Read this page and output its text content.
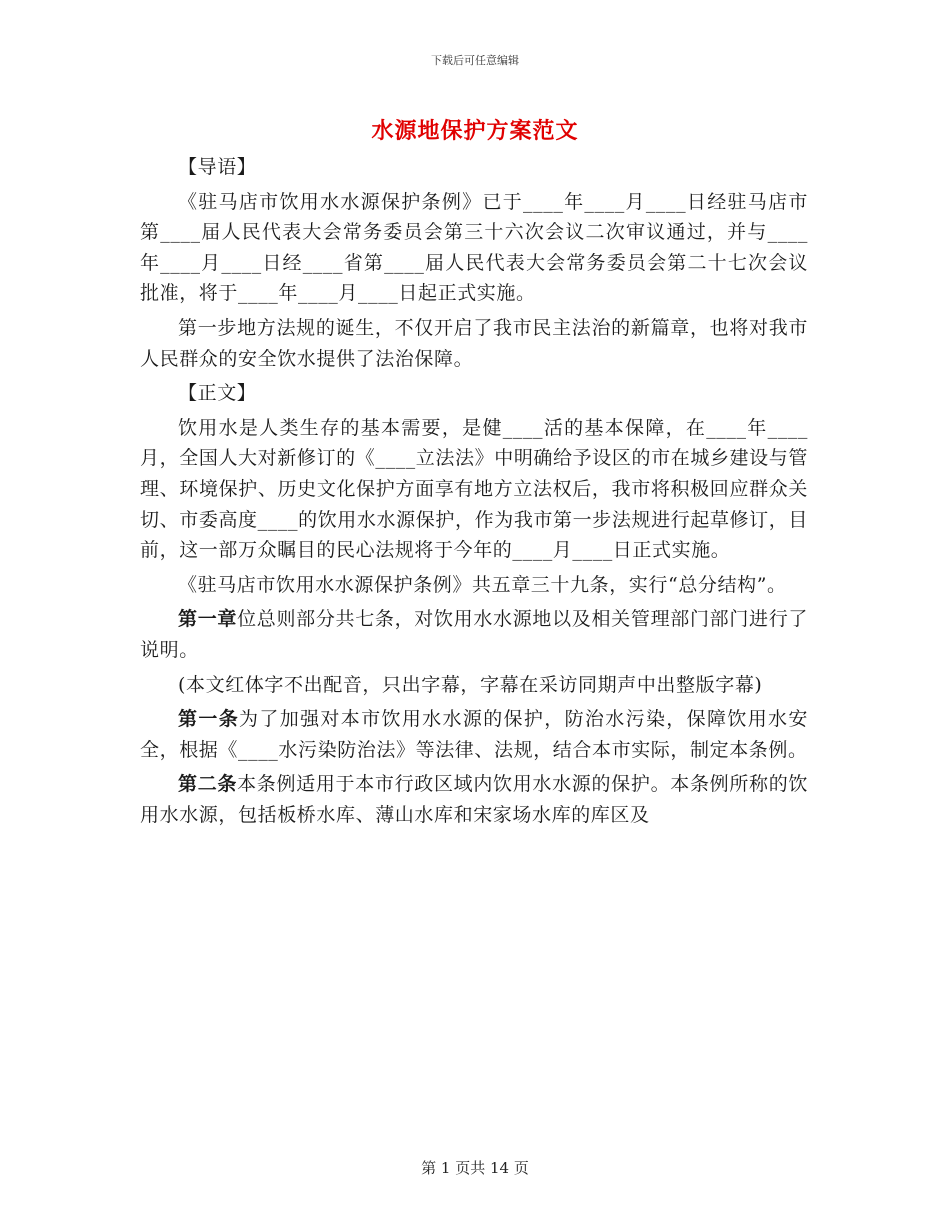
下载后可任意编辑
水源地保护方案范文

【导语】

《驻马店市饮用水水源保护条例》已于____年____月____日经驻马店市第____届人民代表大会常务委员会第三十六次会议二次审议通过，并与____年____月____日经____省第____届人民代表大会常务委员会第二十七次会议批准，将于____年____月____日起正式实施。

第一步地方法规的诞生，不仅开启了我市民主法治的新篇章，也将对我市人民群众的安全饮水提供了法治保障。

【正文】

饮用水是人类生存的基本需要，是健____活的基本保障，在____年____月，全国人大对新修订的《____立法法》中明确给予设区的市在城乡建设与管理、环境保护、历史文化保护方面享有地方立法权后，我市将积极回应群众关切、市委高度____的饮用水水源保护，作为我市第一步法规进行起草修订，目前，这一部万众瞩目的民心法规将于今年的____月____日正式实施。

《驻马店市饮用水水源保护条例》共五章三十九条，实行“总分结构”。

第一章位总则部分共七条，对饮用水水源地以及相关管理部门部门进行了说明。

(本文红体字不出配音，只出字幕，字幕在采访同期声中出整版字幕)

第一条为了加强对本市饮用水水源的保护，防治水污染，保障饮用水安全，根据《____水污染防治法》等法律、法规，结合本市实际，制定本条例。

第二条本条例适用于本市行政区域内饮用水水源的保护。本条例所称的饮用水水源，包括板桥水库、薄山水库和宋家场水库的库区及

第 1 页共 14 页
